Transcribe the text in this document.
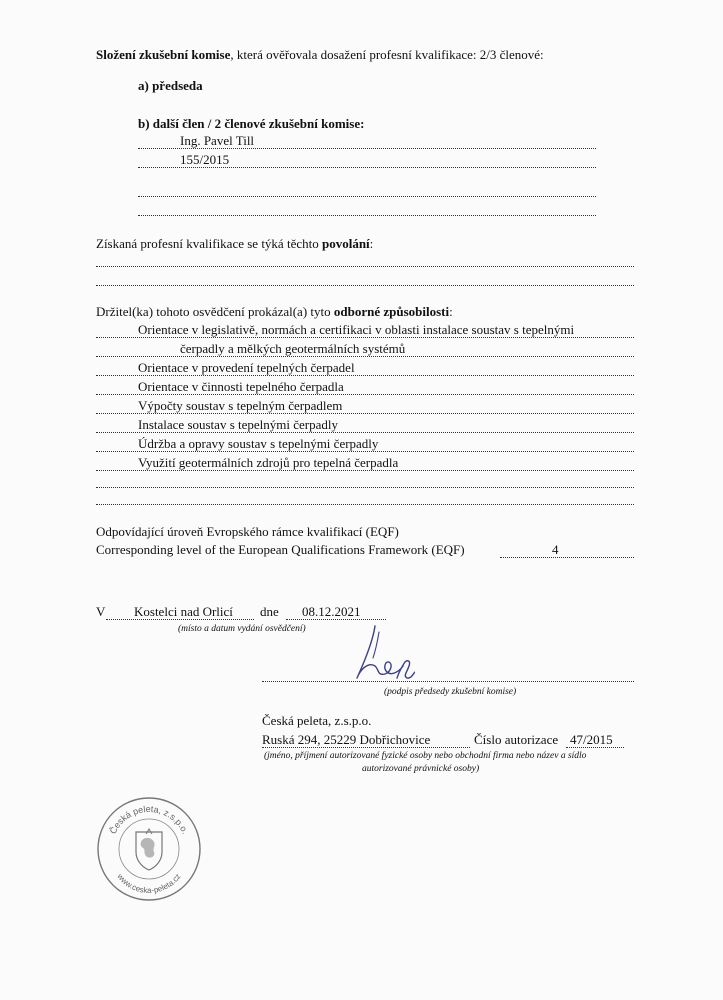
Složení zkušební komise, která ověřovala dosažení profesní kvalifikace: 2/3 členové:
a) předseda
b) další člen / 2 členové zkušební komise:
Ing. Pavel Till
155/2015
Získaná profesní kvalifikace se týká těchto povolání:
Držitel(ka) tohoto osvědčení prokázal(a) tyto odborné způsobilosti:
Orientace v legislativě, normách a certifikaci v oblasti instalace soustav s tepelnými
čerpadly a mělkých geotermálních systémů
Orientace v provedení tepelných čerpadel
Orientace v činnosti tepelného čerpadla
Výpočty soustav s tepelným čerpadlem
Instalace soustav s tepelnými čerpadly
Údržba a opravy soustav s tepelnými čerpadly
Využití geotermálních zdrojů pro tepelná čerpadla
Odpovídající úroveň Evropského rámce kvalifikací (EQF)
Corresponding level of the European Qualifications Framework (EQF)	4
V Kostelci nad Orlicí dne 08.12.2021
(místo a datum vydání osvědčení)
(podpis předsedy zkušební komise)
Česká peleta, z.s.p.o.
Ruská 294, 25229 Dobřichovice	Číslo autorizace 47/2015
(jméno, příjmení autorizované fyzické osoby nebo obchodní firma nebo název a sídlo
autorizované právnické osoby)
Česká peleta, z.s.p.o.
www.ceska-peleta.cz
